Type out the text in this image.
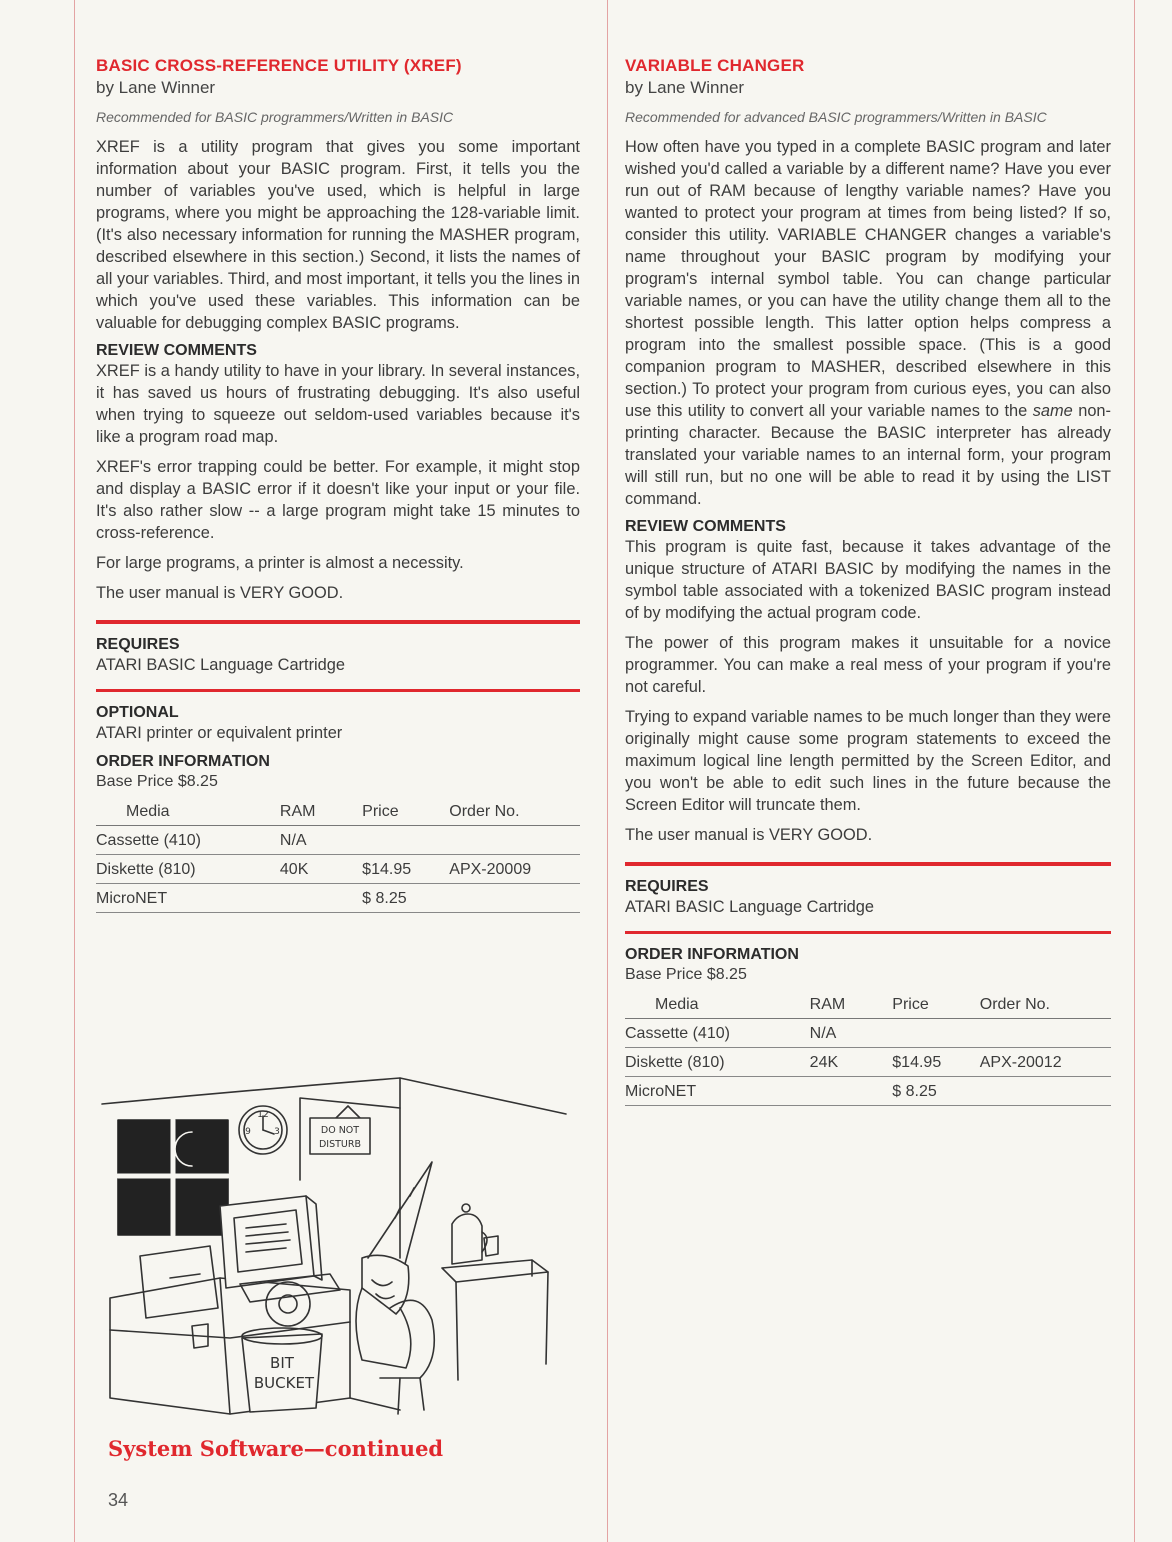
BASIC CROSS-REFERENCE UTILITY (XREF)

by Lane Winner

Recommended for BASIC programmers/Written in BASIC

XREF is a utility program that gives you some important information about your BASIC program. First, it tells you the number of variables you've used, which is helpful in large programs, where you might be approaching the 128-variable limit. (It's also necessary information for running the MASHER program, described elsewhere in this section.) Second, it lists the names of all your variables. Third, and most important, it tells you the lines in which you've used these variables. This information can be valuable for debugging complex BASIC programs.

REVIEW COMMENTS

XREF is a handy utility to have in your library. In several instances, it has saved us hours of frustrating debugging. It's also useful when trying to squeeze out seldom-used variables because it's like a program road map.

XREF's error trapping could be better. For example, it might stop and display a BASIC error if it doesn't like your input or your file. It's also rather slow -- a large program might take 15 minutes to cross-reference.

For large programs, a printer is almost a necessity.

The user manual is VERY GOOD.

REQUIRES

ATARI BASIC Language Cartridge

OPTIONAL

ATARI printer or equivalent printer

ORDER INFORMATION

Base Price $8.25

Media	RAM	Price	Order No.
Cassette (410)	N/A		
Diskette (810)	40K	$14.95	APX-20009
MicroNET		$ 8.25	
12
3
9	DO NOT
DISTURB
BIT
BUCKET

System Software—continued

34

VARIABLE CHANGER

by Lane Winner

Recommended for advanced BASIC programmers/Written in BASIC

How often have you typed in a complete BASIC program and later wished you'd called a variable by a different name? Have you ever run out of RAM because of lengthy variable names? Have you wanted to protect your program at times from being listed? If so, consider this utility. VARIABLE CHANGER changes a variable's name throughout your BASIC program by modifying your program's internal symbol table. You can change particular variable names, or you can have the utility change them all to the shortest possible length. This latter option helps compress a program into the smallest possible space. (This is a good companion program to MASHER, described elsewhere in this section.) To protect your program from curious eyes, you can also use this utility to convert all your variable names to the same non-printing character. Because the BASIC interpreter has already translated your variable names to an internal form, your program will still run, but no one will be able to read it by using the LIST command.

REVIEW COMMENTS

This program is quite fast, because it takes advantage of the unique structure of ATARI BASIC by modifying the names in the symbol table associated with a tokenized BASIC program instead of by modifying the actual program code.

The power of this program makes it unsuitable for a novice programmer. You can make a real mess of your program if you're not careful.

Trying to expand variable names to be much longer than they were originally might cause some program statements to exceed the maximum logical line length permitted by the Screen Editor, and you won't be able to edit such lines in the future because the Screen Editor will truncate them.

The user manual is VERY GOOD.

REQUIRES

ATARI BASIC Language Cartridge

ORDER INFORMATION

Base Price $8.25

Media	RAM	Price	Order No.
Cassette (410)	N/A		
Diskette (810)	24K	$14.95	APX-20012
MicroNET		$ 8.25	
